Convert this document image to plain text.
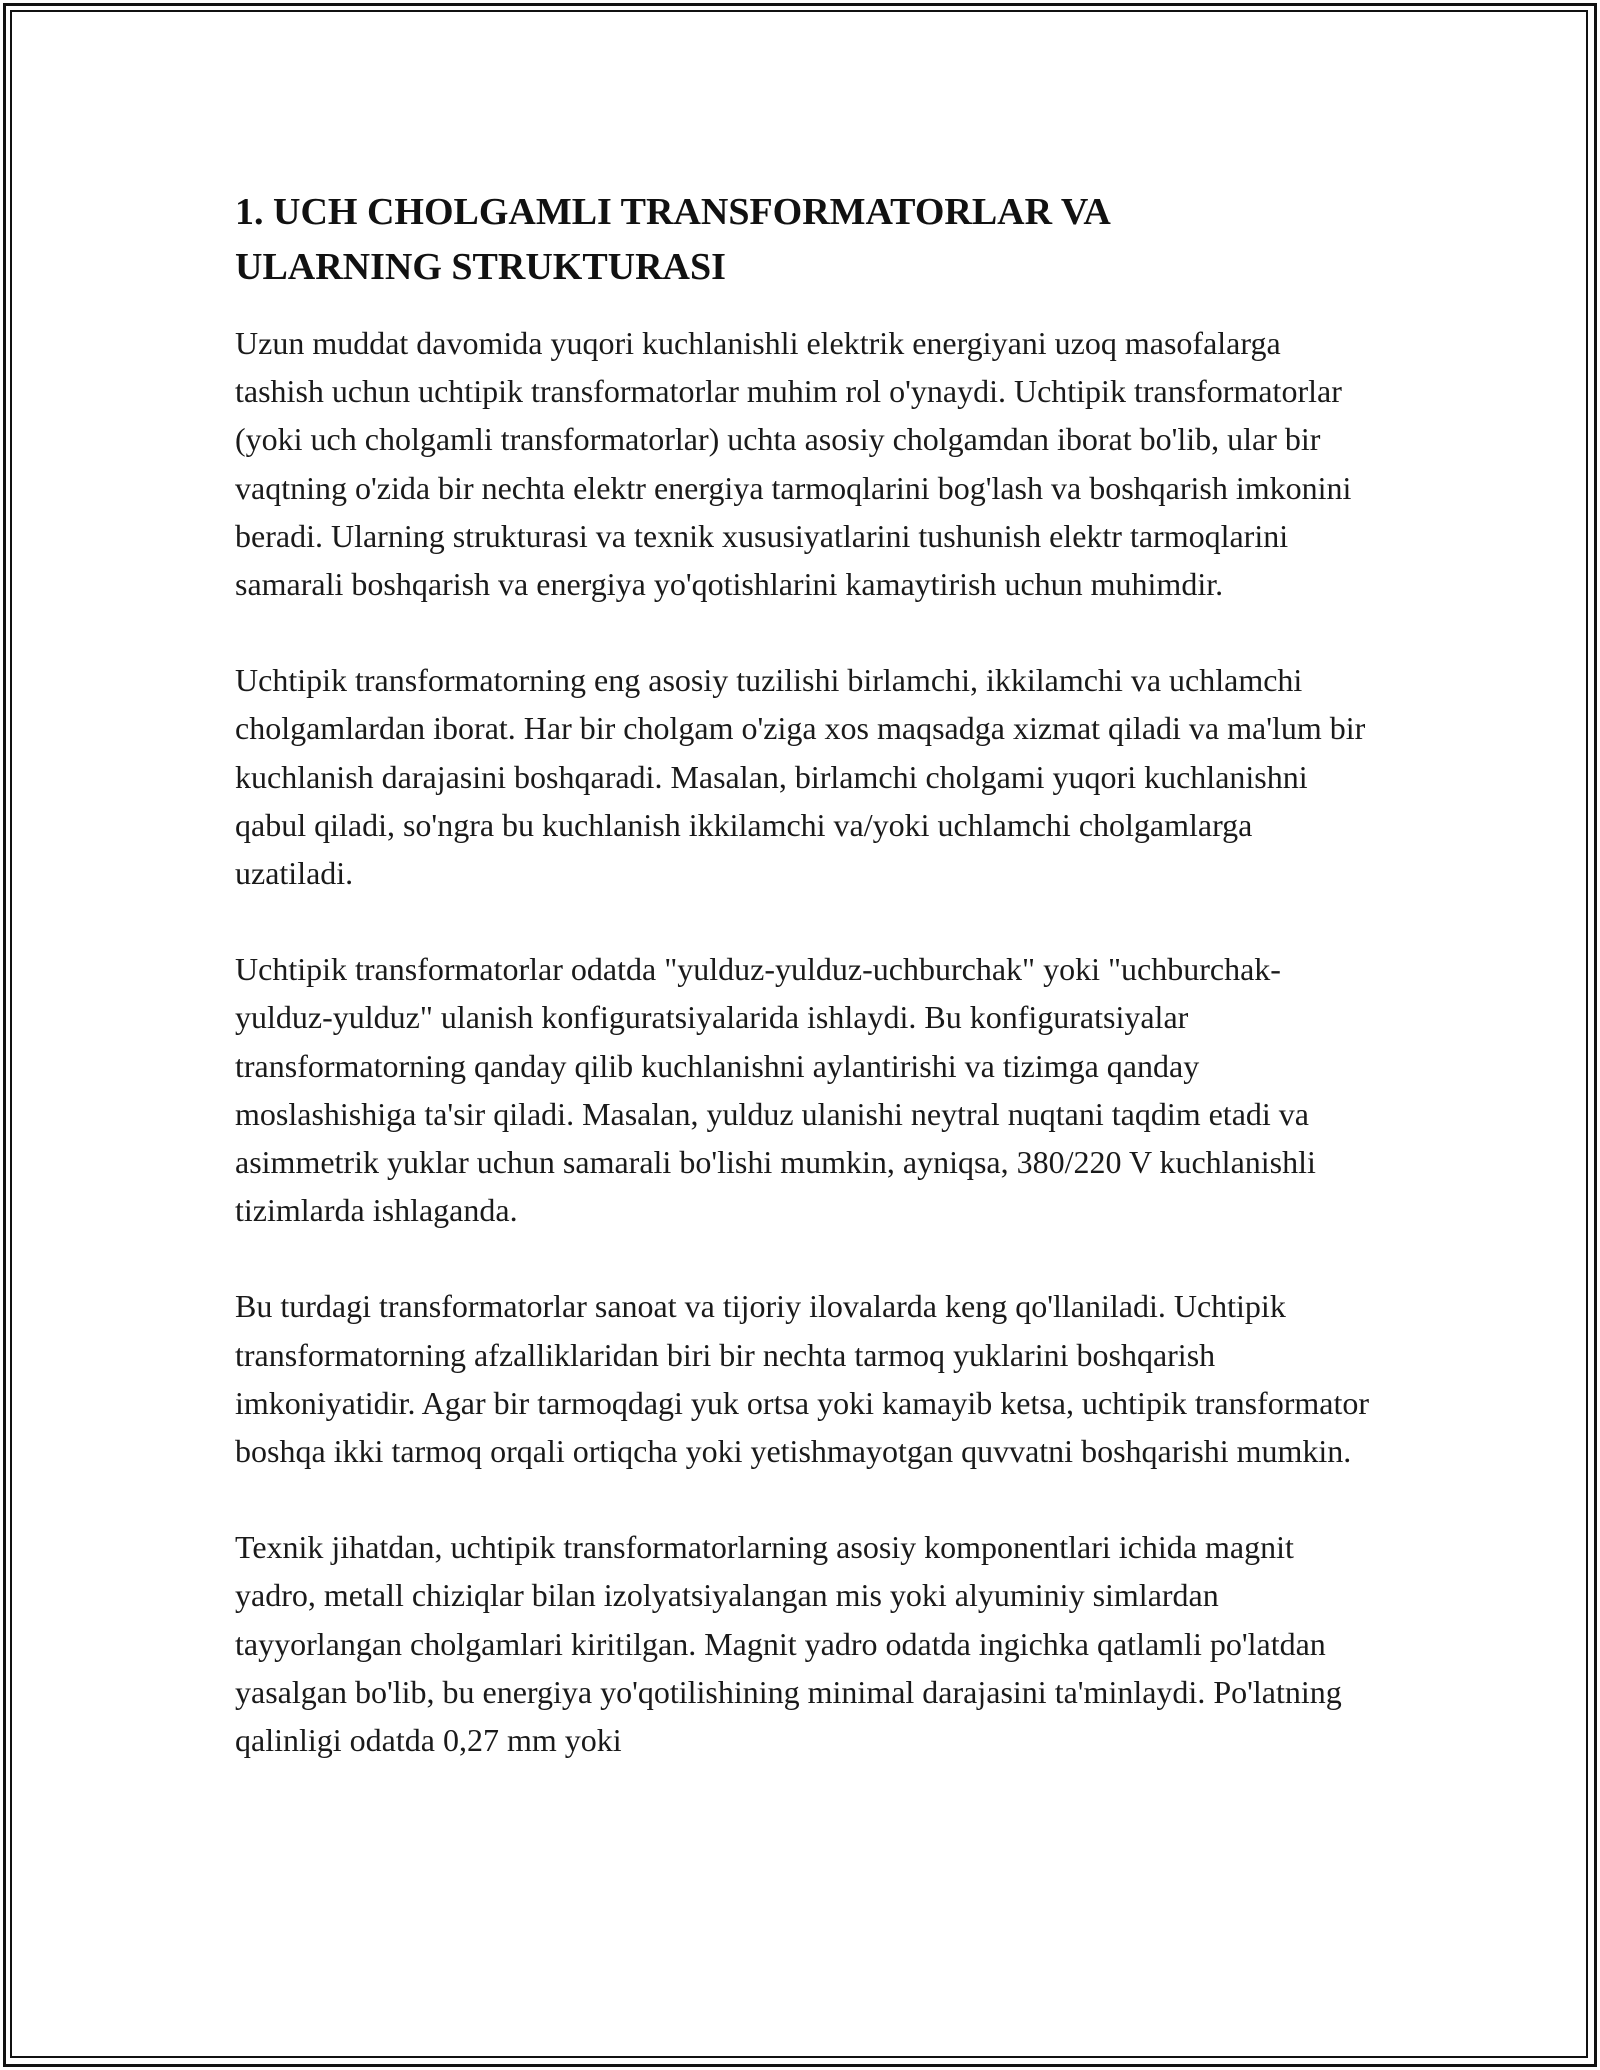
1. UCH CHOLGAMLI TRANSFORMATORLAR VA
ULARNING STRUKTURASI

Uzun muddat davomida yuqori kuchlanishli elektrik energiyani uzoq masofalarga tashish uchun uchtipik transformatorlar muhim rol o'ynaydi. Uchtipik transformatorlar (yoki uch cholgamli transformatorlar) uchta asosiy cholgamdan iborat bo'lib, ular bir vaqtning o'zida bir nechta elektr energiya tarmoqlarini bog'lash va boshqarish imkonini beradi. Ularning strukturasi va texnik xususiyatlarini tushunish elektr tarmoqlarini samarali boshqarish va energiya yo'qotishlarini kamaytirish uchun muhimdir.

Uchtipik transformatorning eng asosiy tuzilishi birlamchi, ikkilamchi va uchlamchi cholgamlardan iborat. Har bir cholgam o'ziga xos maqsadga xizmat qiladi va ma'lum bir kuchlanish darajasini boshqaradi. Masalan, birlamchi cholgami yuqori kuchlanishni qabul qiladi, so'ngra bu kuchlanish ikkilamchi va/yoki uchlamchi cholgamlarga uzatiladi.

Uchtipik transformatorlar odatda "yulduz-yulduz-uchburchak" yoki "uchburchak-yulduz-yulduz" ulanish konfiguratsiyalarida ishlaydi. Bu konfiguratsiyalar transformatorning qanday qilib kuchlanishni aylantirishi va tizimga qanday moslashishiga ta'sir qiladi. Masalan, yulduz ulanishi neytral nuqtani taqdim etadi va asimmetrik yuklar uchun samarali bo'lishi mumkin, ayniqsa, 380/220 V kuchlanishli tizimlarda ishlaganda.

Bu turdagi transformatorlar sanoat va tijoriy ilovalarda keng qo'llaniladi. Uchtipik transformatorning afzalliklaridan biri bir nechta tarmoq yuklarini boshqarish imkoniyatidir. Agar bir tarmoqdagi yuk ortsa yoki kamayib ketsa, uchtipik transformator boshqa ikki tarmoq orqali ortiqcha yoki yetishmayotgan quvvatni boshqarishi mumkin.

Texnik jihatdan, uchtipik transformatorlarning asosiy komponentlari ichida magnit yadro, metall chiziqlar bilan izolyatsiyalangan mis yoki alyuminiy simlardan tayyorlangan cholgamlari kiritilgan. Magnit yadro odatda ingichka qatlamli po'latdan yasalgan bo'lib, bu energiya yo'qotilishining minimal darajasini ta'minlaydi. Po'latning qalinligi odatda 0,27 mm yoki
